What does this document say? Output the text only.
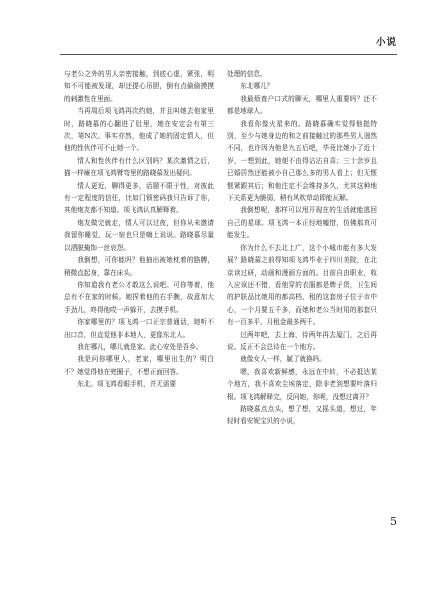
小说

与老公之外的男人亲密接触，到底心虚，紧张，明知不可能被发现，却还提心吊胆，倒有点偷偷摸摸的刺激性在里面。

当再周后项飞鸿再次约她，并且叫她去他家里时，路晓慕的心翻进了肚里，她在安定会有第三次，第N次。事实亦然，他成了她的固定情人，但他的性伙伴可不止她一个。

情人和性伙伴有什么区别吗？某次激情之后，猫一样瘫在项飞鸿臂弯里的路晓慕发出疑问。

情人更近，聊得更多，话题不限于性，对彼此有一定程度的信任，比如门锁密码我只告诉了你，其他炮友都不知道。项飞鸿认真解释着。

炮友做完就走，情人可以过夜，但你从未邀请我留你睡觉，玩一宿也只是嗨上说说。路晓慕尽量以洒脱掩饰一丝哀怨。

我倒想，可你能吗？他抽出被她枕着的胳膊，稍微直起身，靠在床头。

你知道我有老公才敢这么说吧。可你等着，他总有不在家的时候。她捏着他的右手腕，故意加大手劲儿，咚得他哎一声躲开，去摸手机。

你家哪里的？项飞鸿一口正宗普通话，她听不出口音，但直觉他非本地人，更像东北人。

我在哪儿，哪儿就是家。此心安处是吾乡。

我是问你哪里人，老家，哪里出生的？明白不？她觉得他在兜圈子，不想正面回答。

东北。项飞鸿看眼手机，并无需要

处理的信息。

东北哪儿？

我最烦查户口式的聊天，哪里人重要吗？还不都是地球人。

我看你像火星来的。路晓慕确实觉得他挺特别，至少与她身边的和之前接触过的那些男人迥然不同，也许因为他是九五后吧，毕竟比她小了近十岁，一想到此，她便不由得沾沾自喜；三十余岁且已婚居然还能被小自己那么多的男人看上；但无惬惬紧跟其后；和他注定不会维持多久，尤其这种地下关系更为脆弱，稍有风吹草动即能瓦解。

我倒想呢，那样可以甩开现在的生活就能逃回自己的星球。项飞鸿一本正经地嘘惜，仿佛那真可能发生。

你为什么不去北上广，这个小城市能有多大发展？路晓慕之前得知项飞鸿毕业于四川美院，在北京读过研，动画和漫画方面的。目前自由职业，收入应该还不错，看他穿的衣服都是牌子货，卫生间的护肤品比她用的都高档，租的这套房子位于市中心，一个月要五千多，而她和老公当时用的那套只有一百多平，月租金最多两千。

过两年吧，去上海，待两年再去厦门，之后再说。反正不会总待在一个地方。

就像女人一样，腻了就换吗。

嗯，我喜欢新鲜感，永远在中转，不必抵达某个地方，我不喜欢尘埃落定，除非老到想要叶落归根。项飞鸿解释完，反问她，你呢，没想过离开？

路晓慕点点头，想了想，又摇头道，想过，年轻时看安妮宝贝的小说，

5
